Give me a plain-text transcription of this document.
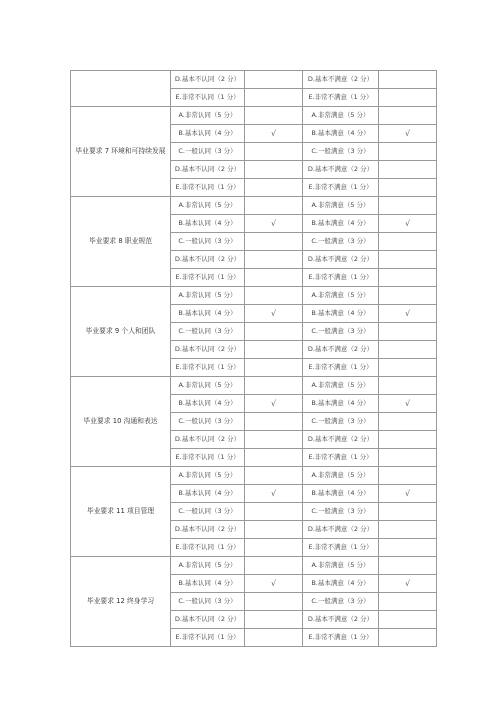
	D.基本不认同（2 分）		D.基本不满意（2 分）	
	E.非常不认同（1 分）		E.非常不满意（1 分）	
毕业要求 7 环境和可持续发展	A.非常认同（5 分）		A.非常满意（5 分）	
	B.基本认同（4 分）	√	B.基本满意（4 分）	√
	C.一般认同（3 分）		C.一般满意（3 分）	
	D.基本不认同（2 分）		D.基本不满意（2 分）	
	E.非常不认同（1 分）		E.非常不满意（1 分）	
毕业要求 8 职业规范	A.非常认同（5 分）		A.非常满意（5 分）	
	B.基本认同（4 分）	√	B.基本满意（4 分）	√
	C.一般认同（3 分）		C.一般满意（3 分）	
	D.基本不认同（2 分）		D.基本不满意（2 分）	
	E.非常不认同（1 分）		E.非常不满意（1 分）	
毕业要求 9 个人和团队	A.非常认同（5 分）		A.非常满意（5 分）	
	B.基本认同（4 分）	√	B.基本满意（4 分）	√
	C.一般认同（3 分）		C.一般满意（3 分）	
	D.基本不认同（2 分）		D.基本不满意（2 分）	
	E.非常不认同（1 分）		E.非常不满意（1 分）	
毕业要求 10 沟通和表达	A.非常认同（5 分）		A.非常满意（5 分）	
	B.基本认同（4 分）	√	B.基本满意（4 分）	√
	C.一般认同（3 分）		C.一般满意（3 分）	
	D.基本不认同（2 分）		D.基本不满意（2 分）	
	E.非常不认同（1 分）		E.非常不满意（1 分）	
毕业要求 11 项目管理	A.非常认同（5 分）		A.非常满意（5 分）	
	B.基本认同（4 分）	√	B.基本满意（4 分）	√
	C.一般认同（3 分）		C.一般满意（3 分）	
	D.基本不认同（2 分）		D.基本不满意（2 分）	
	E.非常不认同（1 分）		E.非常不满意（1 分）	
毕业要求 12 终身学习	A.非常认同（5 分）		A.非常满意（5 分）	
	B.基本认同（4 分）	√	B.基本满意（4 分）	√
	C.一般认同（3 分）		C.一般满意（3 分）	
	D.基本不认同（2 分）		D.基本不满意（2 分）	
	E.非常不认同（1 分）		E.非常不满意（1 分）	
